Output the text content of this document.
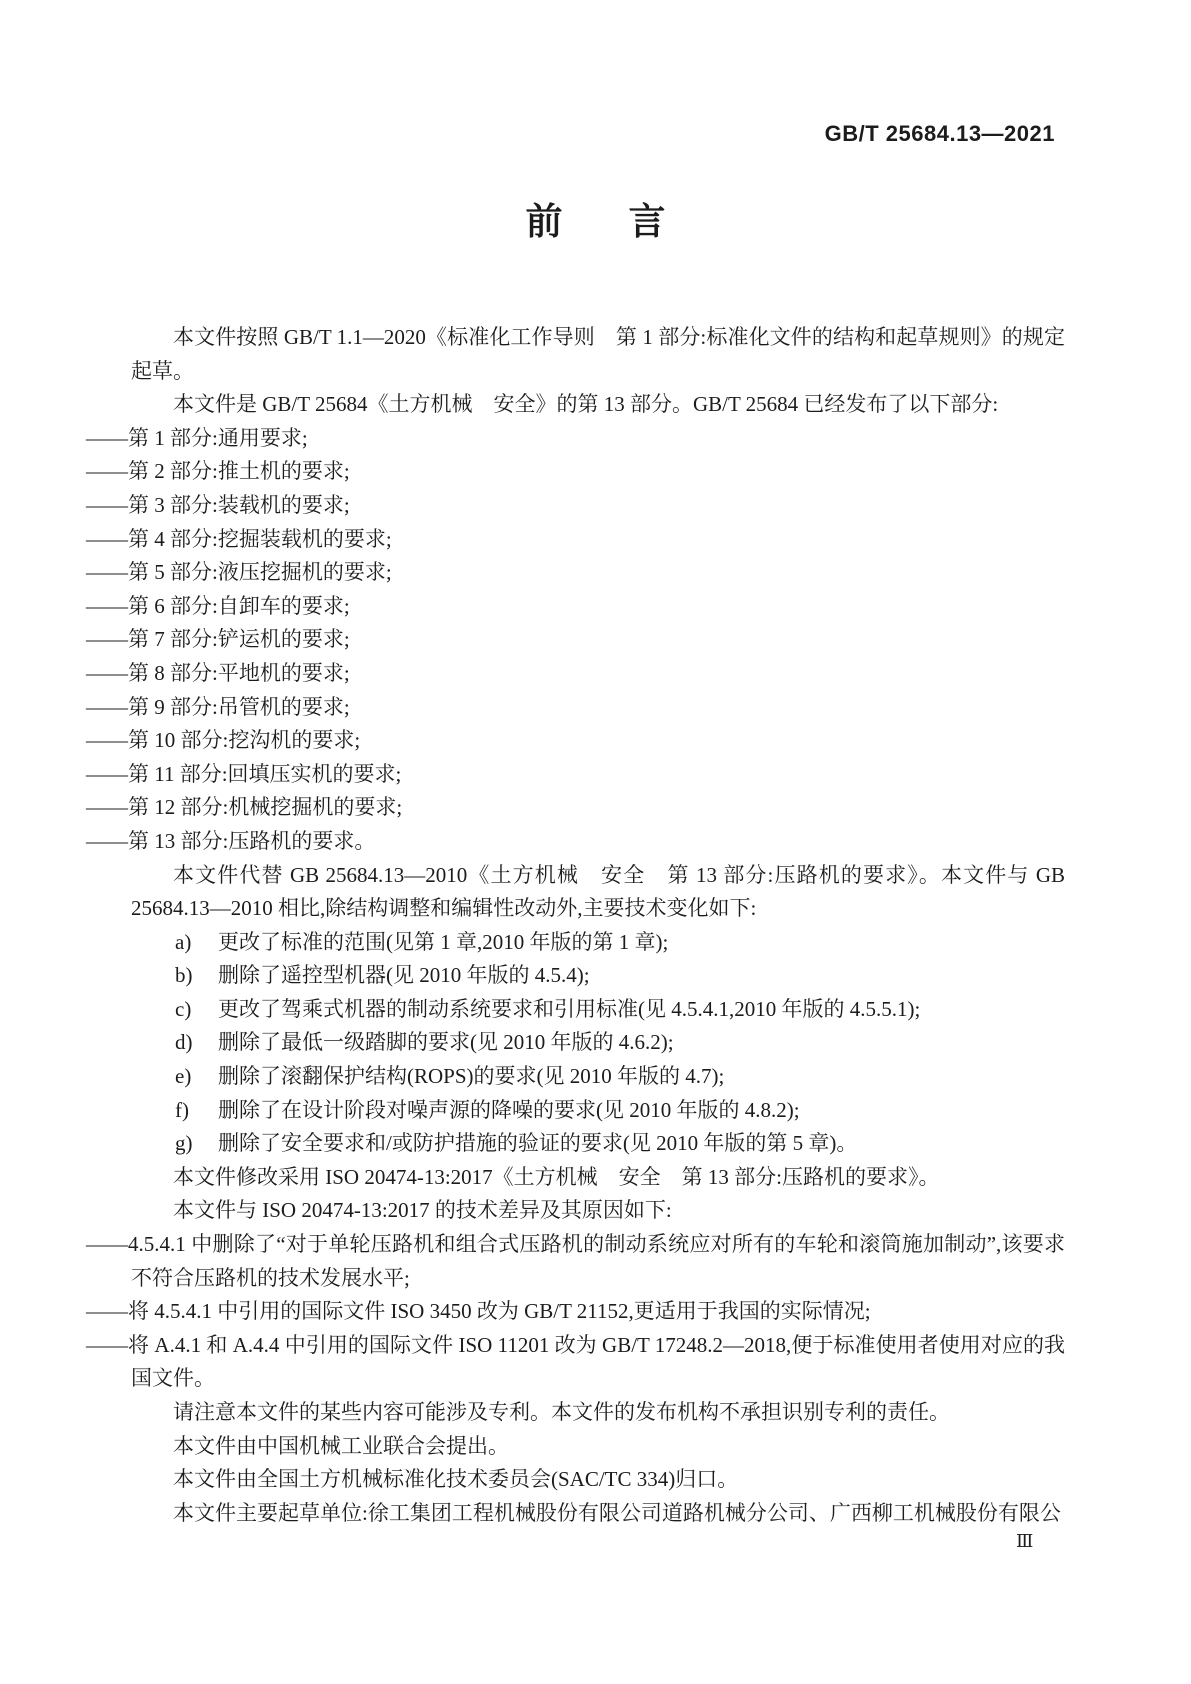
GB/T 25684.13—2021
前 言

本文件按照 GB/T 1.1—2020《标准化工作导则　第 1 部分:标准化文件的结构和起草规则》的规定起草。

本文件是 GB/T 25684《土方机械　安全》的第 13 部分。GB/T 25684 已经发布了以下部分:

——第 1 部分:通用要求;

——第 2 部分:推土机的要求;

——第 3 部分:装载机的要求;

——第 4 部分:挖掘装载机的要求;

——第 5 部分:液压挖掘机的要求;

——第 6 部分:自卸车的要求;

——第 7 部分:铲运机的要求;

——第 8 部分:平地机的要求;

——第 9 部分:吊管机的要求;

——第 10 部分:挖沟机的要求;

——第 11 部分:回填压实机的要求;

——第 12 部分:机械挖掘机的要求;

——第 13 部分:压路机的要求。

本文件代替 GB 25684.13—2010《土方机械　安全　第 13 部分:压路机的要求》。本文件与 GB 25684.13—2010 相比,除结构调整和编辑性改动外,主要技术变化如下:

a)	更改了标准的范围(见第 1 章,2010 年版的第 1 章);
b)	删除了遥控型机器(见 2010 年版的 4.5.4);
c)	更改了驾乘式机器的制动系统要求和引用标准(见 4.5.4.1,2010 年版的 4.5.5.1);
d)	删除了最低一级踏脚的要求(见 2010 年版的 4.6.2);
e)	删除了滚翻保护结构(ROPS)的要求(见 2010 年版的 4.7);
f)	删除了在设计阶段对噪声源的降噪的要求(见 2010 年版的 4.8.2);
g)	删除了安全要求和/或防护措施的验证的要求(见 2010 年版的第 5 章)。

本文件修改采用 ISO 20474-13:2017《土方机械　安全　第 13 部分:压路机的要求》。

本文件与 ISO 20474-13:2017 的技术差异及其原因如下:

——4.5.4.1 中删除了“对于单轮压路机和组合式压路机的制动系统应对所有的车轮和滚筒施加制动”,该要求不符合压路机的技术发展水平;

——将 4.5.4.1 中引用的国际文件 ISO 3450 改为 GB/T 21152,更适用于我国的实际情况;

——将 A.4.1 和 A.4.4 中引用的国际文件 ISO 11201 改为 GB/T 17248.2—2018,便于标准使用者使用对应的我国文件。

请注意本文件的某些内容可能涉及专利。本文件的发布机构不承担识别专利的责任。

本文件由中国机械工业联合会提出。

本文件由全国土方机械标准化技术委员会(SAC/TC 334)归口。

本文件主要起草单位:徐工集团工程机械股份有限公司道路机械分公司、广西柳工机械股份有限公

Ⅲ
